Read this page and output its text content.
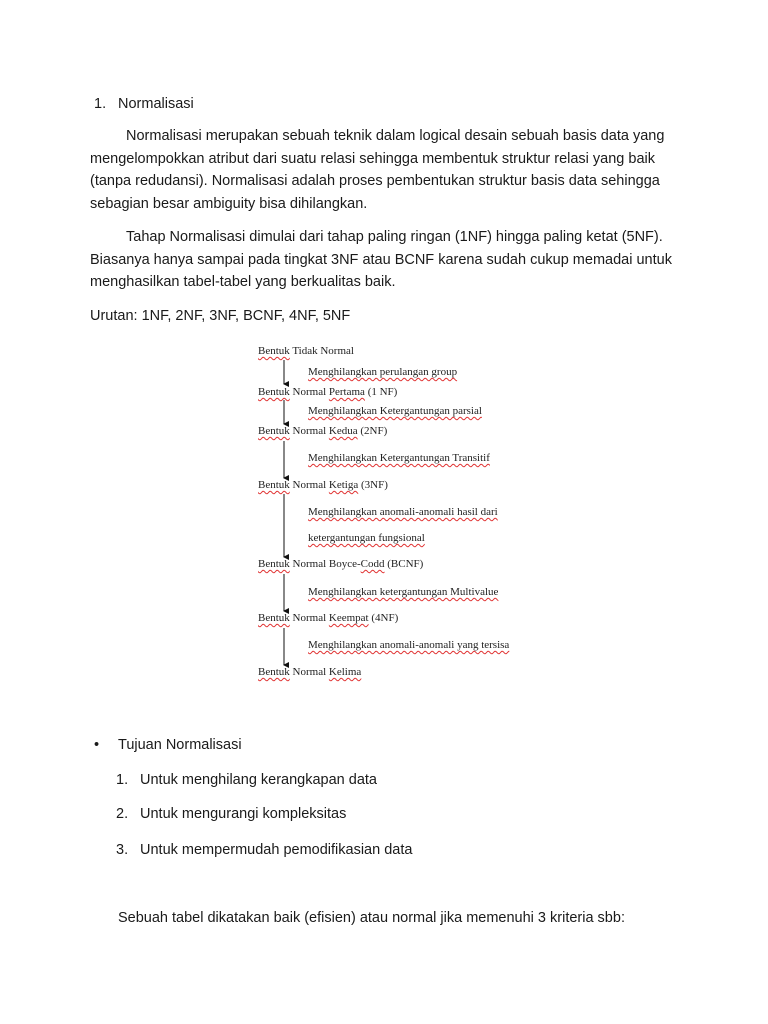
1. Normalisasi

Normalisasi merupakan sebuah teknik dalam logical desain sebuah basis data yang mengelompokkan atribut dari suatu relasi sehingga membentuk struktur relasi yang baik (tanpa redudansi). Normalisasi adalah proses pembentukan struktur basis data sehingga sebagian besar ambiguity bisa dihilangkan.

Tahap Normalisasi dimulai dari tahap paling ringan (1NF) hingga paling ketat (5NF). Biasanya hanya sampai pada tingkat 3NF atau BCNF karena sudah cukup memadai untuk menghasilkan tabel-tabel yang berkualitas baik.

Urutan: 1NF, 2NF, 3NF, BCNF, 4NF, 5NF
Bentuk Tidak Normal
Bentuk Normal Pertama (1 NF)
Bentuk Normal Kedua (2NF)
Bentuk Normal Ketiga (3NF)
Bentuk Normal Boyce-Codd (BCNF)
Bentuk Normal Keempat (4NF)
Bentuk Normal Kelima
Menghilangkan perulangan group
Menghilangkan Ketergantungan parsial
Menghilangkan Ketergantungan Transitif
Menghilangkan anomali-anomali hasil dari
ketergantungan fungsional
Menghilangkan ketergantungan Multivalue
Menghilangkan anomali-anomali yang tersisa
• Tujuan Normalisasi
1. Untuk menghilang kerangkapan data
2. Untuk mengurangi kompleksitas
3. Untuk mempermudah pemodifikasian data
Sebuah tabel dikatakan baik (efisien) atau normal jika memenuhi 3 kriteria sbb:
